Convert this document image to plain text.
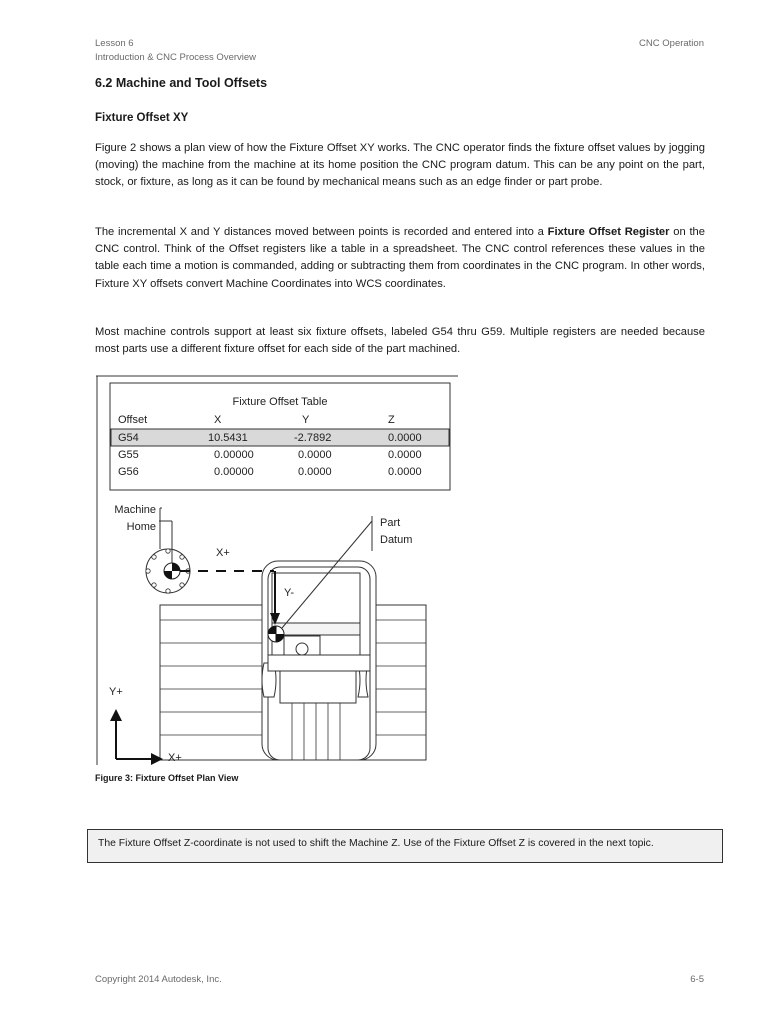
Lesson 6
Introduction & CNC Process Overview
CNC Operation
6.2 Machine and Tool Offsets
Fixture Offset XY

Figure 2 shows a plan view of how the Fixture Offset XY works. The CNC operator finds the fixture offset values by jogging (moving) the machine from the machine at its home position the CNC program datum. This can be any point on the part, stock, or fixture, as long as it can be found by mechanical means such as an edge finder or part probe.

The incremental X and Y distances moved between points is recorded and entered into a Fixture Offset Register on the CNC control. Think of the Offset registers like a table in a spreadsheet. The CNC control references these values in the table each time a motion is commanded, adding or subtracting them from coordinates in the CNC program. In other words, Fixture XY offsets convert Machine Coordinates into WCS coordinates.

Most machine controls support at least six fixture offsets, labeled G54 thru G59. Multiple registers are needed because most parts use a different fixture offset for each side of the part machined.

Fixture Offset Table
Offset	X	Y	Z
G54	10.5431	-2.7892	0.0000
G55	0.00000	0.0000	0.0000
G56	0.00000	0.0000	0.0000
Machine
Home
X+
Y-
Part
Datum
Y+
X+
Figure 3: Fixture Offset Plan View
The Fixture Offset Z-coordinate is not used to shift the Machine Z. Use of the Fixture Offset Z is covered in the next topic.
Copyright 2014 Autodesk, Inc.	6-5
